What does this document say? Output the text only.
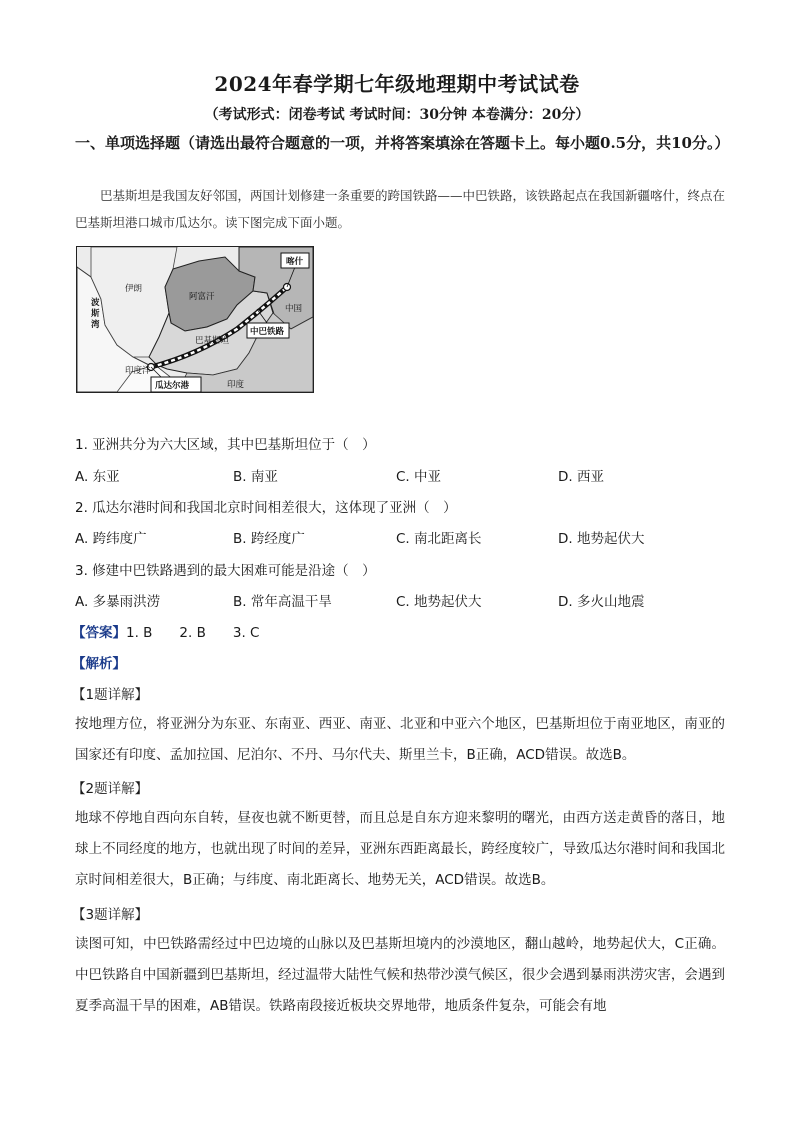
2024年春学期七年级地理期中考试试卷
（考试形式：闭卷考试 考试时间：30分钟 本卷满分：20分）
一、单项选择题（请选出最符合题意的一项，并将答案填涂在答题卡上。每小题0.5分，共10分。）
巴基斯坦是我国友好邻国，两国计划修建一条重要的跨国铁路——中巴铁路，该铁路起点在我国新疆喀什，终点在巴基斯坦港口城市瓜达尔。读下图完成下面小题。
伊朗
阿富汗
巴基斯坦
中国
印度
印度洋
喀什
中巴铁路
瓜达尔港
波 斯 湾
1. 亚洲共分为六大区域，其中巴基斯坦位于（　）
A. 东亚	B. 南亚	C. 中亚	D. 西亚
2. 瓜达尔港时间和我国北京时间相差很大，这体现了亚洲（　）
A. 跨纬度广	B. 跨经度广	C. 南北距离长	D. 地势起伏大
3. 修建中巴铁路遇到的最大困难可能是沿途（　）
A. 多暴雨洪涝	B. 常年高温干旱	C. 地势起伏大	D. 多火山地震
【答案】1. B　　2. B　　3. C
【解析】
【1题详解】
按地理方位，将亚洲分为东亚、东南亚、西亚、南亚、北亚和中亚六个地区，巴基斯坦位于南亚地区，南亚的国家还有印度、孟加拉国、尼泊尔、不丹、马尔代夫、斯里兰卡，B正确，ACD错误。故选B。
【2题详解】
地球不停地自西向东自转，昼夜也就不断更替，而且总是自东方迎来黎明的曙光，由西方送走黄昏的落日，地球上不同经度的地方，也就出现了时间的差异，亚洲东西距离最长，跨经度较广，导致瓜达尔港时间和我国北京时间相差很大，B正确；与纬度、南北距离长、地势无关，ACD错误。故选B。
【3题详解】
读图可知，中巴铁路需经过中巴边境的山脉以及巴基斯坦境内的沙漠地区，翻山越岭，地势起伏大，C正确。中巴铁路自中国新疆到巴基斯坦，经过温带大陆性气候和热带沙漠气候区，很少会遇到暴雨洪涝灾害，会遇到夏季高温干旱的困难，AB错误。铁路南段接近板块交界地带，地质条件复杂，可能会有地
